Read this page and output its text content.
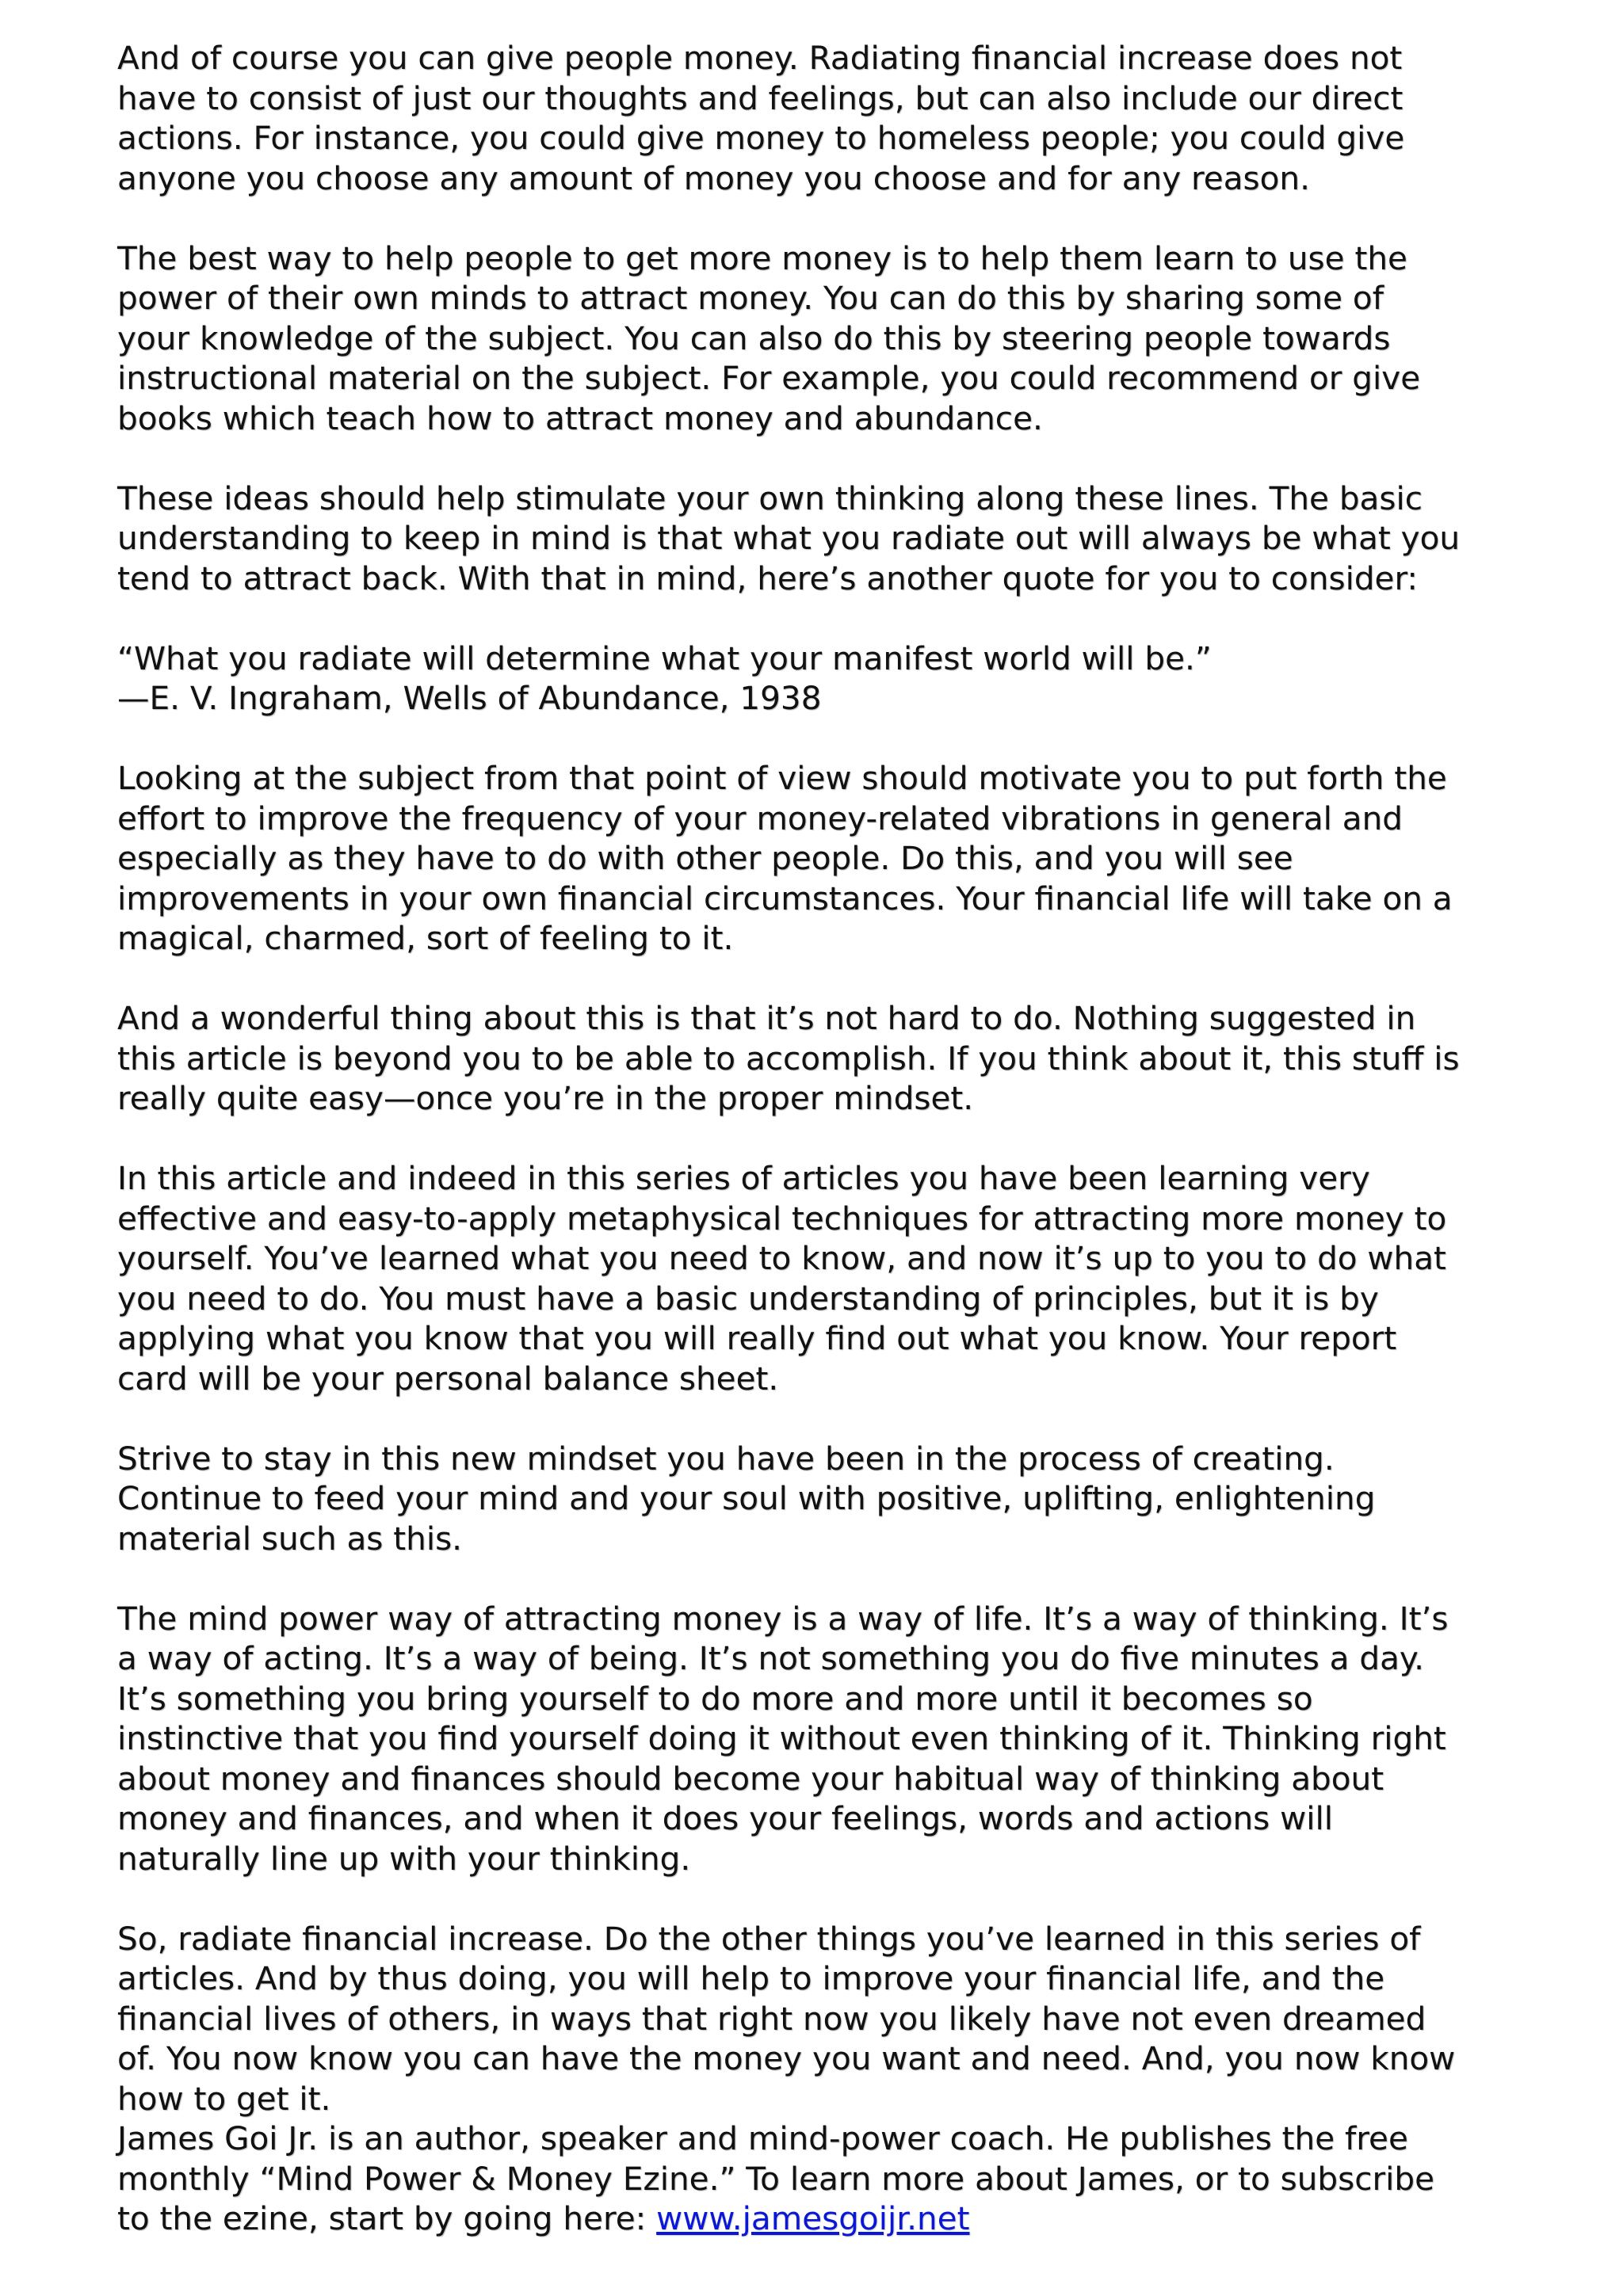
And of course you can give people money. Radiating financial increase does not
have to consist of just our thoughts and feelings, but can also include our direct
actions. For instance, you could give money to homeless people; you could give
anyone you choose any amount of money you choose and for any reason.

The best way to help people to get more money is to help them learn to use the
power of their own minds to attract money. You can do this by sharing some of
your knowledge of the subject. You can also do this by steering people towards
instructional material on the subject. For example, you could recommend or give
books which teach how to attract money and abundance.

These ideas should help stimulate your own thinking along these lines. The basic
understanding to keep in mind is that what you radiate out will always be what you
tend to attract back. With that in mind, here’s another quote for you to consider:

“What you radiate will determine what your manifest world will be.”
—E. V. Ingraham, Wells of Abundance, 1938

Looking at the subject from that point of view should motivate you to put forth the
effort to improve the frequency of your money-related vibrations in general and
especially as they have to do with other people. Do this, and you will see
improvements in your own financial circumstances. Your financial life will take on a
magical, charmed, sort of feeling to it.

And a wonderful thing about this is that it’s not hard to do. Nothing suggested in
this article is beyond you to be able to accomplish. If you think about it, this stuff is
really quite easy—once you’re in the proper mindset.

In this article and indeed in this series of articles you have been learning very
effective and easy-to-apply metaphysical techniques for attracting more money to
yourself. You’ve learned what you need to know, and now it’s up to you to do what
you need to do. You must have a basic understanding of principles, but it is by
applying what you know that you will really find out what you know. Your report
card will be your personal balance sheet.

Strive to stay in this new mindset you have been in the process of creating.
Continue to feed your mind and your soul with positive, uplifting, enlightening
material such as this.

The mind power way of attracting money is a way of life. It’s a way of thinking. It’s
a way of acting. It’s a way of being. It’s not something you do five minutes a day.
It’s something you bring yourself to do more and more until it becomes so
instinctive that you find yourself doing it without even thinking of it. Thinking right
about money and finances should become your habitual way of thinking about
money and finances, and when it does your feelings, words and actions will
naturally line up with your thinking.

So, radiate financial increase. Do the other things you’ve learned in this series of
articles. And by thus doing, you will help to improve your financial life, and the
financial lives of others, in ways that right now you likely have not even dreamed
of. You now know you can have the money you want and need. And, you now know
how to get it.

James Goi Jr. is an author, speaker and mind-power coach. He publishes the free
monthly “Mind Power & Money Ezine.” To learn more about James, or to subscribe
to the ezine, start by going here: www.jamesgoijr.net
